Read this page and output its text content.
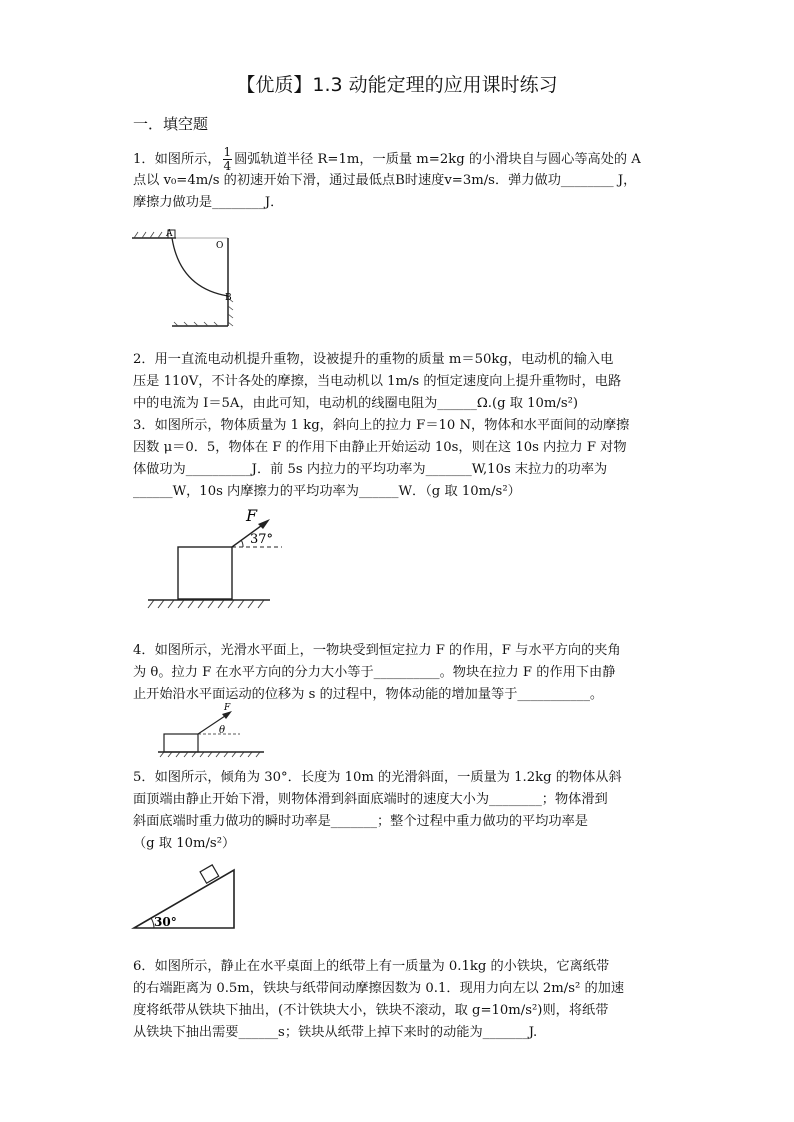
【优质】1.3 动能定理的应用课时练习
一．填空题
1．如图所示， $\frac{1}{4}$ 圆弧轨道半径 R=1m，一质量 m=2kg 的小滑块自与圆心等高处的 A
点以 v₀=4m/s 的初速开始下滑，通过最低点B时速度v=3m/s．弹力做功________ J，
摩擦力做功是________J．
A
O
B
2．用一直流电动机提升重物，设被提升的重物的质量 m＝50kg，电动机的输入电
压是 110V，不计各处的摩擦，当电动机以 1m/s 的恒定速度向上提升重物时，电路
中的电流为 I＝5A，由此可知，电动机的线圈电阻为______Ω.(g 取 10m/s²)
3．如图所示，物体质量为 1 kg，斜向上的拉力 F＝10 N，物体和水平面间的动摩擦
因数 μ＝0．5，物体在 F 的作用下由静止开始运动 10s，则在这 10s 内拉力 F 对物
体做功为__________J．前 5s 内拉力的平均功率为_______W,10s 末拉力的功率为
______W，10s 内摩擦力的平均功率为______W．（g 取 10m/s²）
F
37°
4．如图所示，光滑水平面上，一物块受到恒定拉力 F 的作用，F 与水平方向的夹角
为 θ。拉力 F 在水平方向的分力大小等于__________。物块在拉力 F 的作用下由静
止开始沿水平面运动的位移为 s 的过程中，物体动能的增加量等于___________。
F
θ
5．如图所示，倾角为 30°．长度为 10m 的光滑斜面，一质量为 1.2kg 的物体从斜
面顶端由静止开始下滑，则物体滑到斜面底端时的速度大小为________；物体滑到
斜面底端时重力做功的瞬时功率是_______；整个过程中重力做功的平均功率是
（g 取 10m/s²）
30°
6．如图所示，静止在水平桌面上的纸带上有一质量为 0.1kg 的小铁块，它离纸带
的右端距离为 0.5m，铁块与纸带间动摩擦因数为 0.1．现用力向左以 2m/s² 的加速
度将纸带从铁块下抽出，(不计铁块大小，铁块不滚动，取 g=10m/s²)则，将纸带
从铁块下抽出需要______s；铁块从纸带上掉下来时的动能为_______J.
